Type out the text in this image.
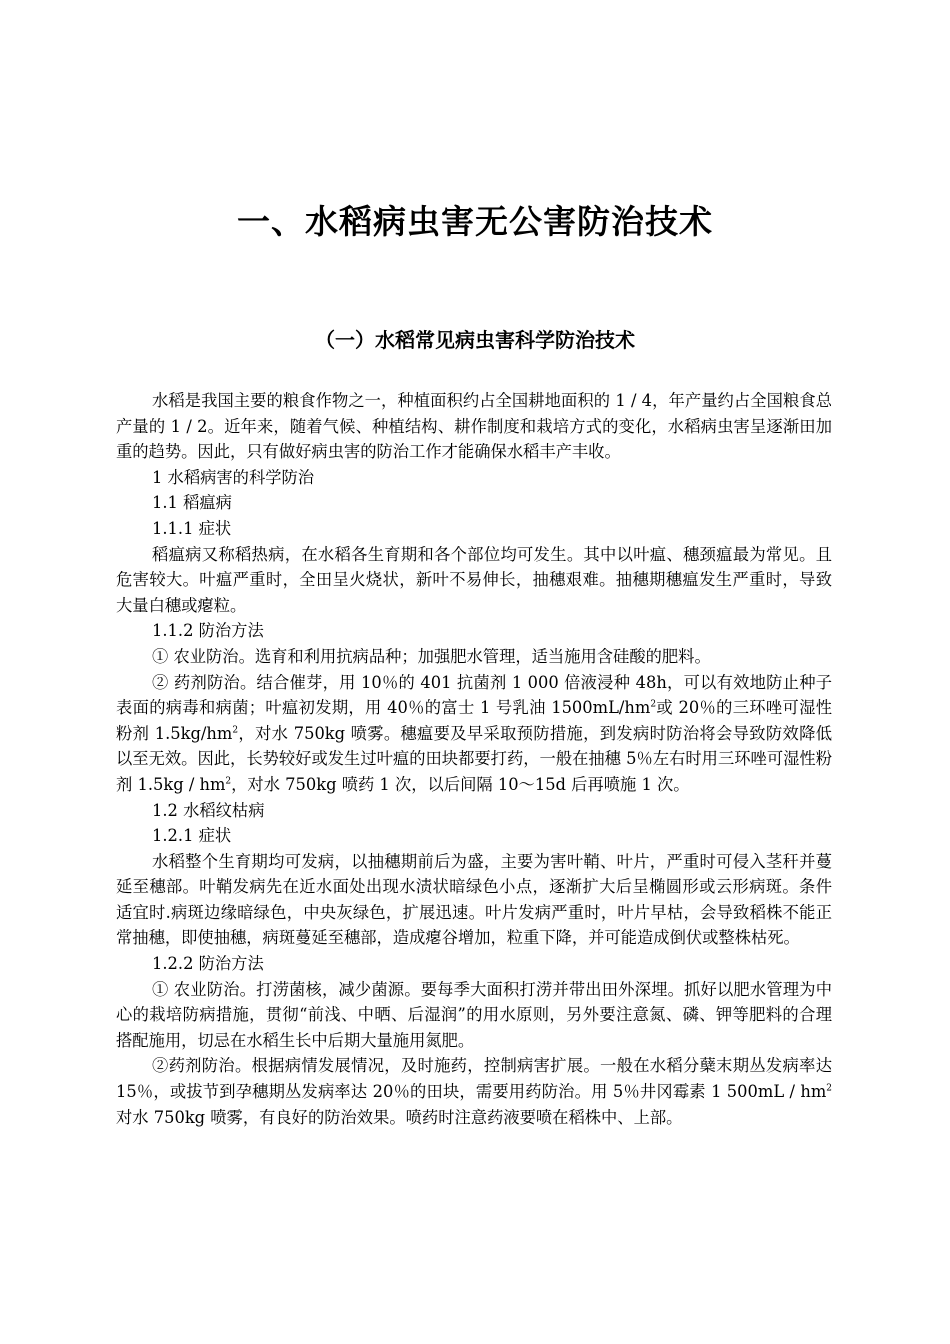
一、水稻病虫害无公害防治技术
（一）水稻常见病虫害科学防治技术

水稻是我国主要的粮食作物之一，种植面积约占全国耕地面积的 1 / 4，年产量约占全国粮食总产量的 1 / 2。近年来，随着气候、种植结构、耕作制度和栽培方式的变化，水稻病虫害呈逐渐田加重的趋势。因此，只有做好病虫害的防治工作才能确保水稻丰产丰收。

1 水稻病害的科学防治

1.1 稻瘟病

1.1.1 症状

稻瘟病又称稻热病，在水稻各生育期和各个部位均可发生。其中以叶瘟、穗颈瘟最为常见。且危害较大。叶瘟严重时，全田呈火烧状，新叶不易伸长，抽穗艰难。抽穗期穗瘟发生严重时，导致大量白穗或瘪粒。

1.1.2 防治方法

① 农业防治。选育和利用抗病品种；加强肥水管理，适当施用含硅酸的肥料。

② 药剂防治。结合催芽，用 10％的 401 抗菌剂 1 000 倍液浸种 48h，可以有效地防止种子表面的病毒和病菌；叶瘟初发期，用 40％的富士 1 号乳油 $1500mL/hm^2$或 20％的三环唑可湿性粉剂 $1.5kg/hm^2$，对水 750kg 喷雾。穗瘟要及早采取预防措施，到发病时防治将会导致防效降低以至无效。因此，长势较好或发生过叶瘟的田块都要打药，一般在抽穗 5％左右时用三环唑可湿性粉剂 $1.5kg / hm^2$，对水 750kg 喷药 1 次，以后间隔 10～15d 后再喷施 1 次。

1.2 水稻纹枯病

1.2.1 症状

水稻整个生育期均可发病，以抽穗期前后为盛，主要为害叶鞘、叶片，严重时可侵入茎秆并蔓延至穗部。叶鞘发病先在近水面处出现水渍状暗绿色小点，逐渐扩大后呈椭圆形或云形病斑。条件适宜时.病斑边缘暗绿色，中央灰绿色，扩展迅速。叶片发病严重时，叶片早枯，会导致稻株不能正常抽穗，即使抽穗，病斑蔓延至穗部，造成瘪谷增加，粒重下降，并可能造成倒伏或整株枯死。

1.2.2 防治方法

① 农业防治。打涝菌核，减少菌源。要每季大面积打涝并带出田外深埋。抓好以肥水管理为中心的栽培防病措施，贯彻“前浅、中晒、后湿润”的用水原则，另外要注意氮、磷、钾等肥料的合理搭配施用，切忌在水稻生长中后期大量施用氮肥。

②药剂防治。根据病情发展情况，及时施药，控制病害扩展。一般在水稻分蘖末期丛发病率达 15％，或拔节到孕穗期丛发病率达 20％的田块，需要用药防治。用 5％井冈霉素 1 $500mL / hm^2$ 对水 750kg 喷雾，有良好的防治效果。喷药时注意药液要喷在稻株中、上部。
